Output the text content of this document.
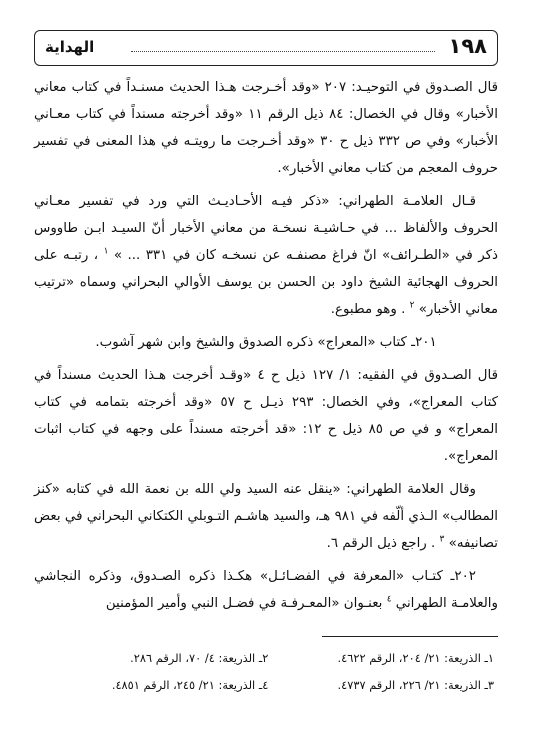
١٩٨
الهداية

قال الصـدوق في التوحيـد: ٢٠٧ «وقد أخـرجت هـذا الحديث مسنـداً في كتاب معاني الأخبار» وقال في الخصال: ٨٤ ذيل الرقم ١١ «وقد أخرجته مسنداً في كتاب معـاني الأخبار» وفي ص ٣٣٢ ذيل ح ٣٠ «وقد أخـرجت ما رويتـه في هذا المعنى في تفسير حروف المعجم من كتاب معاني الأخبار».

قـال العلامـة الطهراني: «ذكر فيـه الأحـاديـث التي ورد في تفسير معـاني الحروف والألفاظ ... في حـاشيـة نسخـة من معاني الأخبار أنّ السيـد ابـن طاووس ذكر في «الطـرائف» انّ فراغ مصنفـه عن نسخـه كان في ٣٣١ ... » $^١$ ، رتبـه على الحروف الهجائية الشيخ داود بن الحسن بن يوسف الأوالي البحراني وسماه «ترتيب معاني الأخبار» $^٢$ . وهو مطبوع.

٢٠١ـ كتاب «المعراج» ذكره الصدوق والشيخ وابن شهر آشوب.

قال الصـدوق في الفقيه: ١/ ١٢٧ ذيل ح ٤ «وقـد أخرجت هـذا الحديث مسنداً في كتاب المعراج»، وفي الخصال: ٢٩٣ ذيـل ح ٥٧ «وقد أخرجته بتمامه في كتاب المعراج» و في ص ٨٥ ذيل ح ١٢: «قد أخرجته مسنداً على وجهه في كتاب اثبات المعراج».

وقال العلامة الطهراني: «ينقل عنه السيد ولي الله بن نعمة الله في كتابه «كنز المطالب» الـذي ألّفه في ٩٨١ هـ، والسيد هاشـم التـوبلي الكتكاني البحراني في بعض تصانيفه» $^٣$ . راجع ذيل الرقم ٦.

٢٠٢ـ كتـاب «المعرفة في الفضـائـل» هكـذا ذكره الصـدوق، وذكره النجاشي والعلامـة الطهراني $^٤$ بعنـوان «المعـرفـة في فضـل النبي وأمير المؤمنين

١ـ الذريعة: ٢١/ ٢٠٤، الرقم ٤٦٢٢.
٢ـ الذريعة: ٤/ ٧٠، الرقم ٢٨٦.
٣ـ الذريعة: ٢١/ ٢٢٦، الرقم ٤٧٣٧.
٤ـ الذريعة: ٢١/ ٢٤٥، الرقم ٤٨٥١.
